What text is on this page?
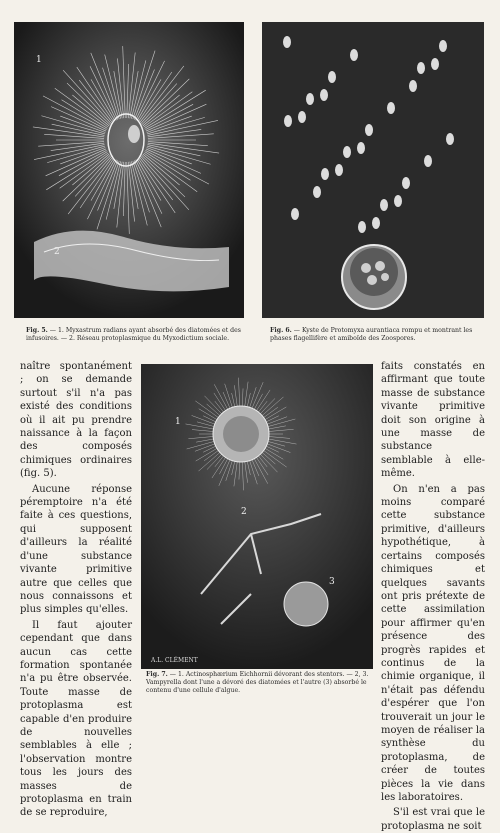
1
2
Fig. 5. — 1. Myxastrum radians ayant absorbé des diatomées et des infusoires. — 2. Réseau protoplasmique du Myxodictium sociale.
Fig. 6. — Kyste de Protomyxa aurantiaca rompu et montrant les phases flagellifère et amiboïde des Zoospores.

naître spontanément ; on se demande surtout s'il n'a pas existé des conditions où il ait pu prendre naissance à la façon des composés chimiques ordinaires (fig. 5).

Aucune réponse péremptoire n'a été faite à ces questions, qui supposent d'ailleurs la réalité d'une substance vivante primitive autre que celles que nous connaissons et plus simples qu'elles.

Il faut ajouter cependant que dans aucun cas cette formation spontanée n'a pu être observée. Toute masse de protoplasma est capable d'en produire de nouvelles semblables à elle ; l'observation montre tous les jours des masses de protoplasma en train de se reproduire,

1
2
3
A.L. CLÉMENT
Fig. 7. — 1. Actinosphærium Eichhornii dévorant des stentors. — 2, 3. Vampyrella dont l'une a dévoré des diatomées et l'autre (3) absorbé le contenu d'une cellule d'algue.

faits constatés en affirmant que toute masse de substance vivante primitive doit son origine à une masse de substance semblable à elle-même.

On n'en a pas moins comparé cette substance primitive, d'ailleurs hypothétique, à certains composés chimiques et quelques savants ont pris prétexte de cette assimilation pour affirmer qu'en présence des progrès rapides et continus de la chimie organique, il n'était pas défendu d'espérer que l'on trouverait un jour le moyen de réaliser la synthèse du protoplasma, de créer de toutes pièces la vie dans les laboratoires.

S'il est vrai que le protoplasma ne soit
